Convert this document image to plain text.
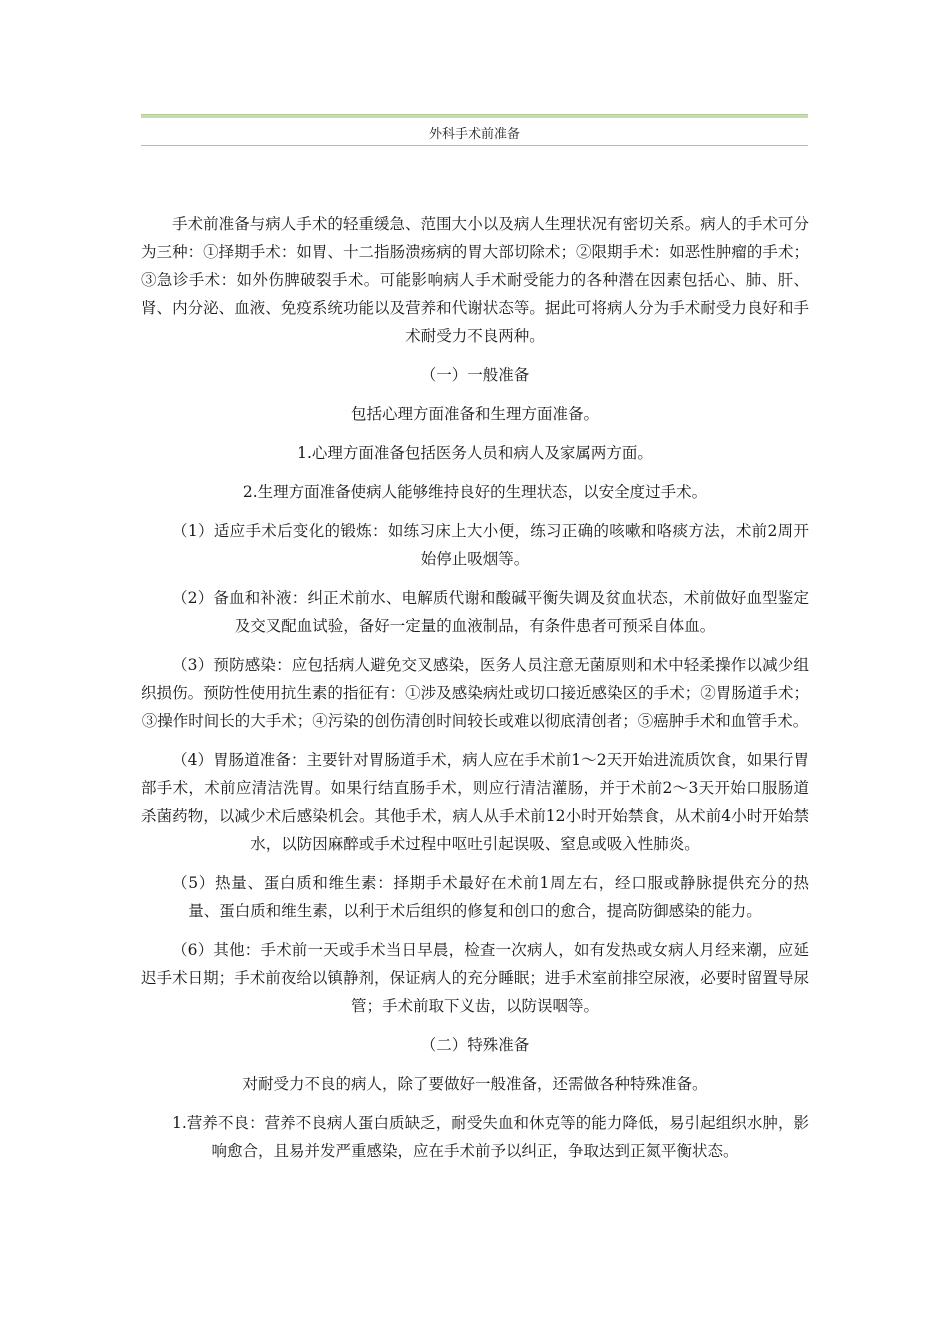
外科手术前准备

手术前准备与病人手术的轻重缓急、范围大小以及病人生理状况有密切关系。病人的手术可分为三种：①择期手术：如胃、十二指肠溃疡病的胃大部切除术；②限期手术：如恶性肿瘤的手术；③急诊手术：如外伤脾破裂手术。可能影响病人手术耐受能力的各种潜在因素包括心、肺、肝、肾、内分泌、血液、免疫系统功能以及营养和代谢状态等。据此可将病人分为手术耐受力良好和手术耐受力不良两种。

（一）一般准备

包括心理方面准备和生理方面准备。

1.心理方面准备包括医务人员和病人及家属两方面。

2.生理方面准备使病人能够维持良好的生理状态，以安全度过手术。

（1）适应手术后变化的锻炼：如练习床上大小便，练习正确的咳嗽和咯痰方法，术前2周开始停止吸烟等。

（2）备血和补液：纠正术前水、电解质代谢和酸碱平衡失调及贫血状态，术前做好血型鉴定及交叉配血试验，备好一定量的血液制品，有条件患者可预采自体血。

（3）预防感染：应包括病人避免交叉感染，医务人员注意无菌原则和术中轻柔操作以减少组织损伤。预防性使用抗生素的指征有：①涉及感染病灶或切口接近感染区的手术；②胃肠道手术；③操作时间长的大手术；④污染的创伤清创时间较长或难以彻底清创者；⑤癌肿手术和血管手术。

（4）胃肠道准备：主要针对胃肠道手术，病人应在手术前1～2天开始进流质饮食，如果行胃部手术，术前应清洁洗胃。如果行结直肠手术，则应行清洁灌肠，并于术前2～3天开始口服肠道杀菌药物，以减少术后感染机会。其他手术，病人从手术前12小时开始禁食，从术前4小时开始禁水，以防因麻醉或手术过程中呕吐引起误吸、窒息或吸入性肺炎。

（5）热量、蛋白质和维生素：择期手术最好在术前1周左右，经口服或静脉提供充分的热量、蛋白质和维生素，以利于术后组织的修复和创口的愈合，提高防御感染的能力。

（6）其他：手术前一天或手术当日早晨，检查一次病人，如有发热或女病人月经来潮，应延迟手术日期；手术前夜给以镇静剂，保证病人的充分睡眠；进手术室前排空尿液，必要时留置导尿管；手术前取下义齿，以防误咽等。

（二）特殊准备

对耐受力不良的病人，除了要做好一般准备，还需做各种特殊准备。

1.营养不良：营养不良病人蛋白质缺乏，耐受失血和休克等的能力降低，易引起组织水肿，影响愈合，且易并发严重感染，应在手术前予以纠正，争取达到正氮平衡状态。
